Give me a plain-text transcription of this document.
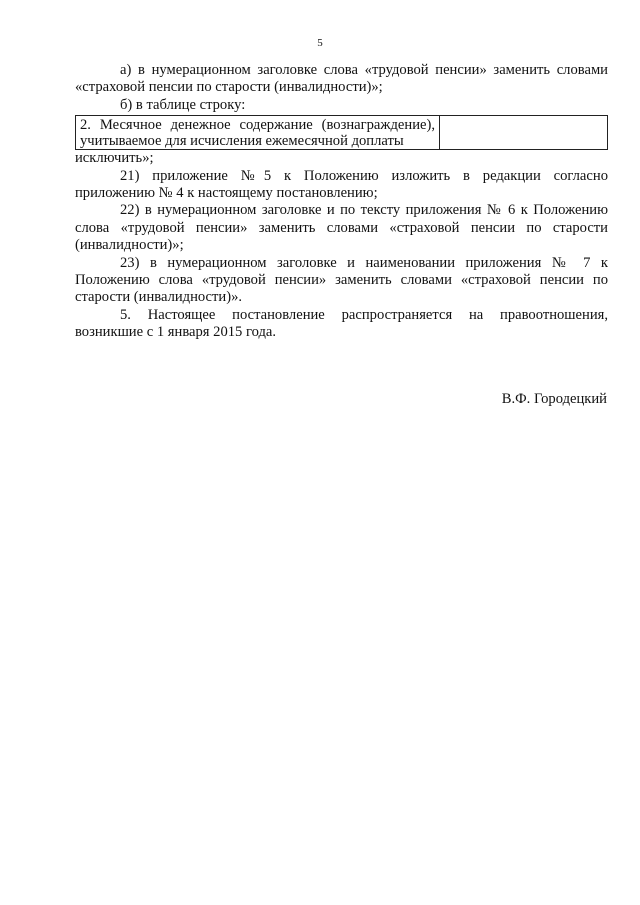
5

а) в нумерационном заголовке слова «трудовой пенсии» заменить словами «страховой пенсии по старости (инвалидности)»;

б) в таблице строку:

2. Месячное денежное содержание (вознаграждение), учитываемое для исчисления ежемесячной доплаты	

исключить»;

21) приложение №5 к Положению изложить в редакции согласно приложению № 4 к настоящему постановлению;

22) в нумерационном заголовке и по тексту приложения № 6 к Положению слова «трудовой пенсии» заменить словами «страховой пенсии по старости (инвалидности)»;

23) в нумерационном заголовке и наименовании приложения № 7 к Положению слова «трудовой пенсии» заменить словами «страховой пенсии по старости (инвалидности)».

5. Настоящее постановление распространяется на правоотношения, возникшие с 1 января 2015 года.

В.Ф. Городецкий
